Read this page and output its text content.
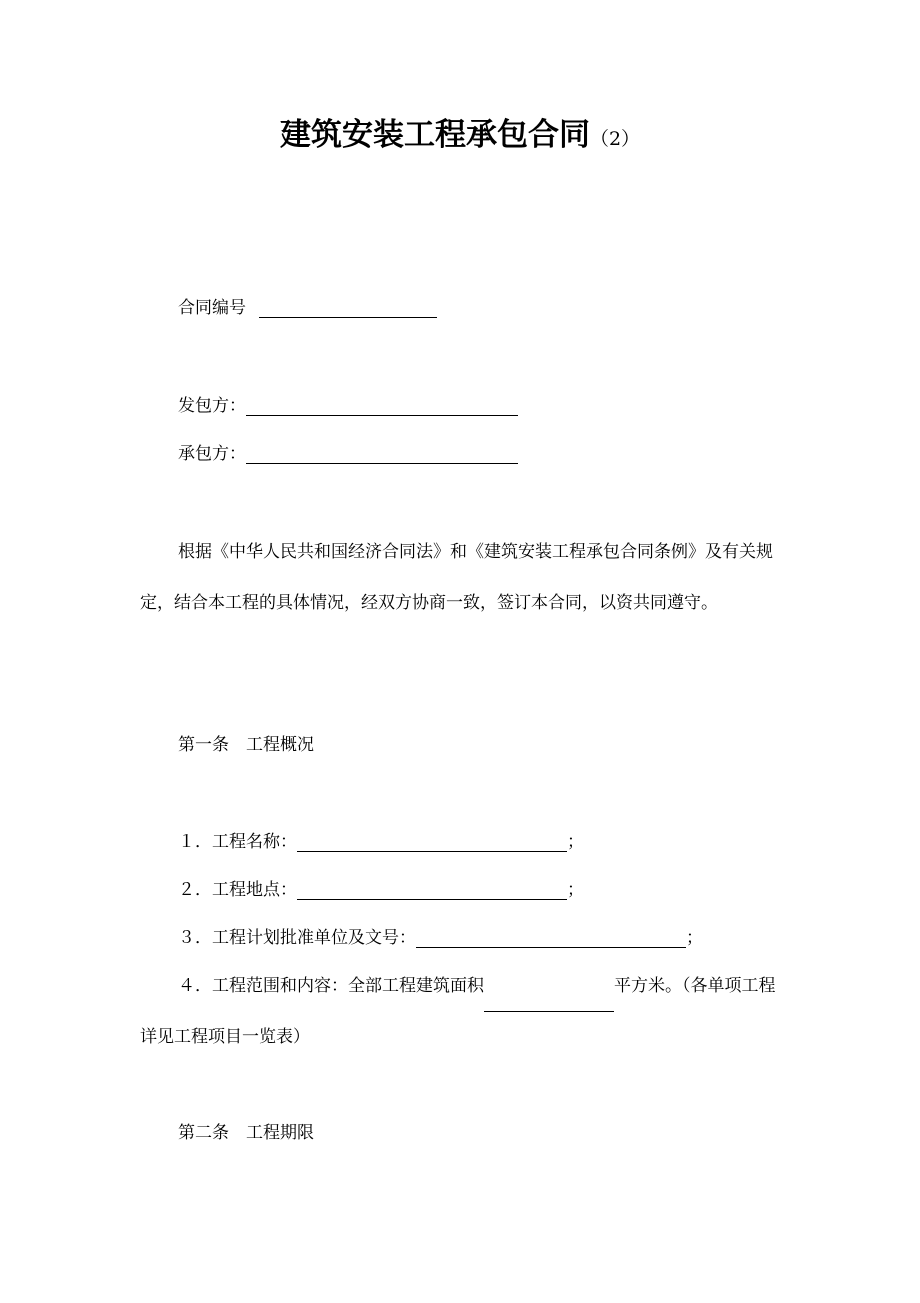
建筑安装工程承包合同（2）
合同编号
发包方：
承包方：
根据《中华人民共和国经济合同法》和《建筑安装工程承包合同条例》及有关规定，结合本工程的具体情况，经双方协商一致，签订本合同，以资共同遵守。
第一条　工程概况
１．工程名称：	；
２．工程地点：	；
３．工程计划批准单位及文号：	；
４．工程范围和内容：全部工程建筑面积	平方米。（各单项工程详见工程项目一览表）
第二条　工程期限
